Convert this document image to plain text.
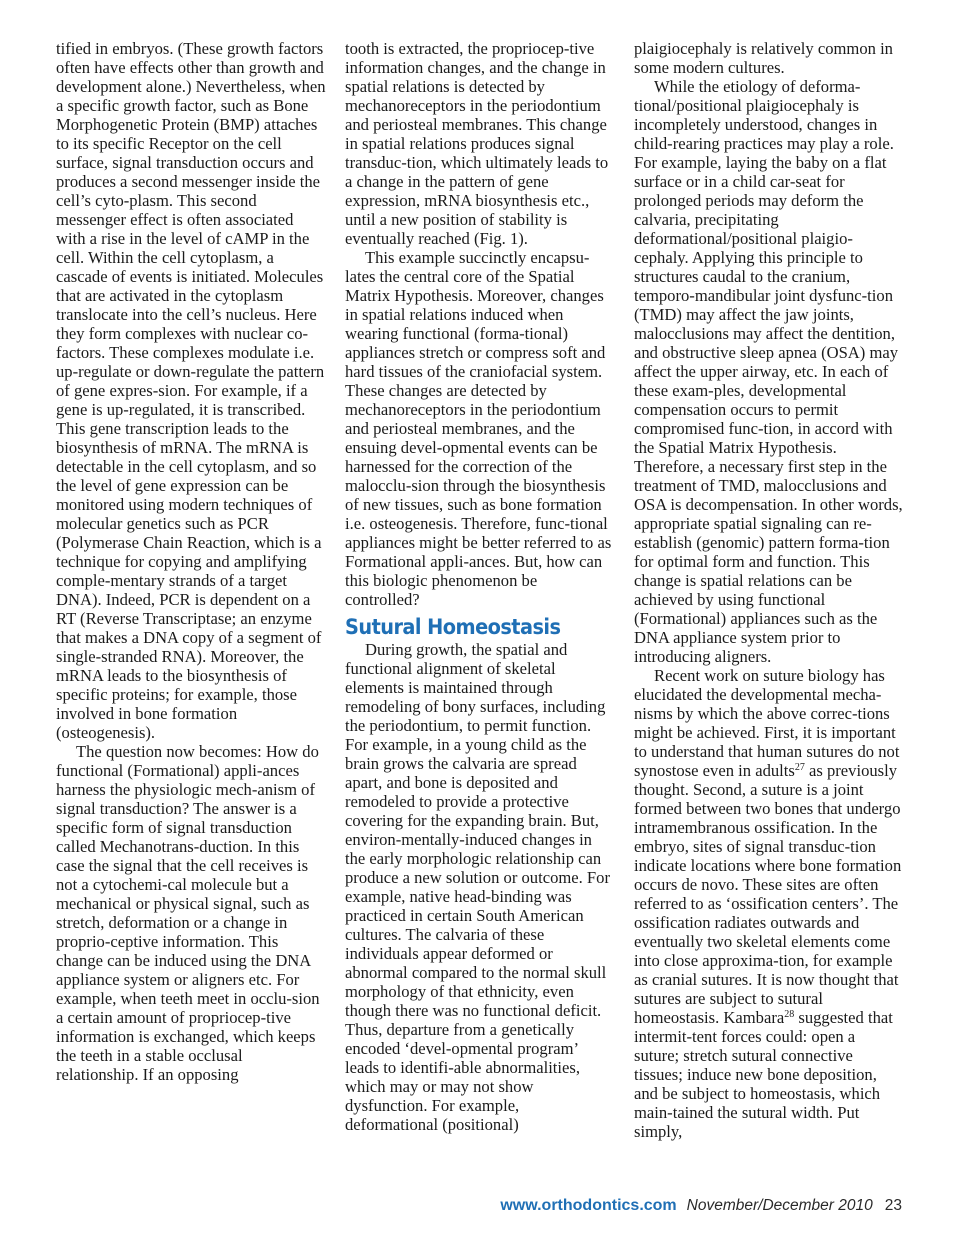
tified in embryos. (These growth factors often have effects other than growth and development alone.) Nevertheless, when a specific growth factor, such as Bone Morphogenetic Protein (BMP) attaches to its specific Receptor on the cell surface, signal transduction occurs and produces a second messenger inside the cell’s cyto-plasm. This second messenger effect is often associated with a rise in the level of cAMP in the cell. Within the cell cytoplasm, a cascade of events is initiated. Molecules that are activated in the cytoplasm translocate into the cell’s nucleus. Here they form complexes with nuclear co-factors. These complexes modulate i.e. up-regulate or down-regulate the pattern of gene expres-sion. For example, if a gene is up-regulated, it is transcribed. This gene transcription leads to the biosynthesis of mRNA. The mRNA is detectable in the cell cytoplasm, and so the level of gene expression can be monitored using modern techniques of molecular genetics such as PCR (Polymerase Chain Reaction, which is a technique for copying and amplifying comple-mentary strands of a target DNA). Indeed, PCR is dependent on a RT (Reverse Transcriptase; an enzyme that makes a DNA copy of a segment of single-stranded RNA). Moreover, the mRNA leads to the biosynthesis of specific proteins; for example, those involved in bone formation (osteogenesis).

The question now becomes: How do functional (Formational) appli-ances harness the physiologic mech-anism of signal transduction? The answer is a specific form of signal transduction called Mechanotrans-duction. In this case the signal that the cell receives is not a cytochemi-cal molecule but a mechanical or physical signal, such as stretch, deformation or a change in proprio-ceptive information. This change can be induced using the DNA appliance system or aligners etc. For example, when teeth meet in occlu-sion a certain amount of propriocep-tive information is exchanged, which keeps the teeth in a stable occlusal relationship. If an opposing

tooth is extracted, the propriocep-tive information changes, and the change in spatial relations is detected by mechanoreceptors in the periodontium and periosteal membranes. This change in spatial relations produces signal transduc-tion, which ultimately leads to a change in the pattern of gene expression, mRNA biosynthesis etc., until a new position of stability is eventually reached (Fig. 1).

This example succinctly encapsu-lates the central core of the Spatial Matrix Hypothesis. Moreover, changes in spatial relations induced when wearing functional (forma-tional) appliances stretch or compress soft and hard tissues of the craniofacial system. These changes are detected by mechanoreceptors in the periodontium and periosteal membranes, and the ensuing devel-opmental events can be harnessed for the correction of the malocclu-sion through the biosynthesis of new tissues, such as bone formation i.e. osteogenesis. Therefore, func-tional appliances might be better referred to as Formational appli-ances. But, how can this biologic phenomenon be controlled?

Sutural Homeostasis

During growth, the spatial and functional alignment of skeletal elements is maintained through remodeling of bony surfaces, including the periodontium, to permit function. For example, in a young child as the brain grows the calvaria are spread apart, and bone is deposited and remodeled to provide a protective covering for the expanding brain. But, environ-mentally-induced changes in the early morphologic relationship can produce a new solution or outcome. For example, native head-binding was practiced in certain South American cultures. The calvaria of these individuals appear deformed or abnormal compared to the normal skull morphology of that ethnicity, even though there was no functional deficit. Thus, departure from a genetically encoded ‘devel-opmental program’ leads to identifi-able abnormalities, which may or may not show dysfunction. For example, deformational (positional)

plaigiocephaly is relatively common in some modern cultures.

While the etiology of deforma-tional/positional plaigiocephaly is incompletely understood, changes in child-rearing practices may play a role. For example, laying the baby on a flat surface or in a child car-seat for prolonged periods may deform the calvaria, precipitating deformational/positional plaigio-cephaly. Applying this principle to structures caudal to the cranium, temporo-mandibular joint dysfunc-tion (TMD) may affect the jaw joints, malocclusions may affect the dentition, and obstructive sleep apnea (OSA) may affect the upper airway, etc. In each of these exam-ples, developmental compensation occurs to permit compromised func-tion, in accord with the Spatial Matrix Hypothesis. Therefore, a necessary first step in the treatment of TMD, malocclusions and OSA is decompensation. In other words, appropriate spatial signaling can re-establish (genomic) pattern forma-tion for optimal form and function. This change is spatial relations can be achieved by using functional (Formational) appliances such as the DNA appliance system prior to introducing aligners.

Recent work on suture biology has elucidated the developmental mecha-nisms by which the above correc-tions might be achieved. First, it is important to understand that human sutures do not synostose even in adults$^{27}$ as previously thought. Second, a suture is a joint formed between two bones that undergo intramembranous ossification. In the embryo, sites of signal transduc-tion indicate locations where bone formation occurs de novo. These sites are often referred to as ‘ossification centers’. The ossification radiates outwards and eventually two skeletal elements come into close approxima-tion, for example as cranial sutures. It is now thought that sutures are subject to sutural homeostasis. Kambara$^{28}$ suggested that intermit-tent forces could: open a suture; stretch sutural connective tissues; induce new bone deposition, and be subject to homeostasis, which main-tained the sutural width. Put simply,

www.orthodontics.com November/December 2010 23
